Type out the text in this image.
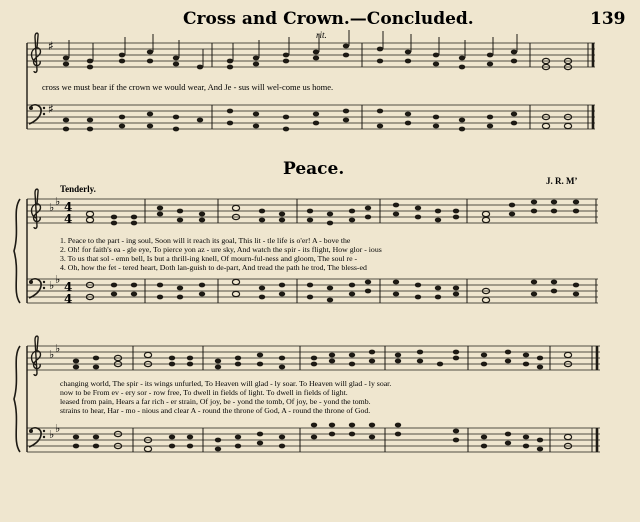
Cross and Crown.—Concluded.	139
rit.
♯
♯
cross we must bear if the crown we would wear, And Je - sus will wel-come us home.
Peace.
Tenderly.
J. R. Mʼ
♭ ♭
♭ ♭
4
4
4
4
1. Peace to the part - ing soul, Soon will it reach its goal, This lit - tle life is o'er! A - bove the
2. Oh! for faith's ea - gle eye, To pierce yon az - ure sky, And watch the spir - its flight, How glor - ious
3. To us that sol - emn bell, Is but a thrill-ing knell, Of mourn-ful-ness and gloom, The soul re -
4. Oh, how the fet - tered heart, Doth lan-guish to de-part, And tread the path he trod, The bless-ed
♭ ♭
♭ ♭
changing world, The spir - its wings unfurled, To Heaven will glad - ly soar. To Heaven will glad - ly soar.
now to be From ev - ery sor - row free, To dwell in fields of light. To dwell in fields of light.
leased from pain, Hears a far rich - er strain, Of joy, be - yond the tomb, Of joy, be - yond the tomb.
strains to hear, Har - mo - nious and clear A - round the throne of God, A - round the throne of God.
